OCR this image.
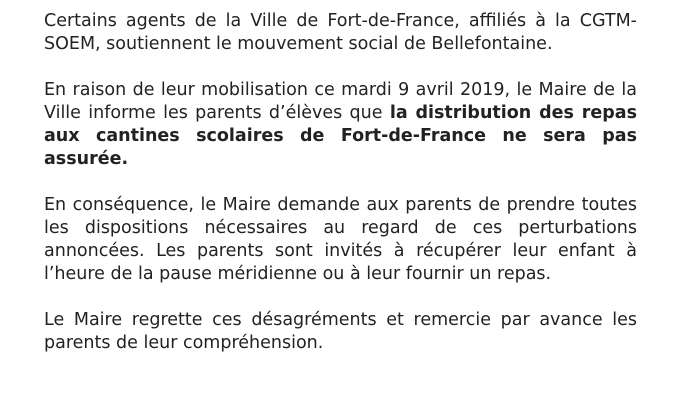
Certains agents de la Ville de Fort-de-France, affiliés à la CGTM-SOEM, soutiennent le mouvement social de Bellefontaine.

En raison de leur mobilisation ce mardi 9 avril 2019, le Maire de la Ville informe les parents d’élèves que la distribution des repas aux cantines scolaires de Fort-de-France ne sera pas assurée.

En conséquence, le Maire demande aux parents de prendre toutes les dispositions nécessaires au regard de ces perturbations annoncées. Les parents sont invités à récupérer leur enfant à l’heure de la pause méridienne ou à leur fournir un repas.

Le Maire regrette ces désagréments et remercie par avance les parents de leur compréhension.
